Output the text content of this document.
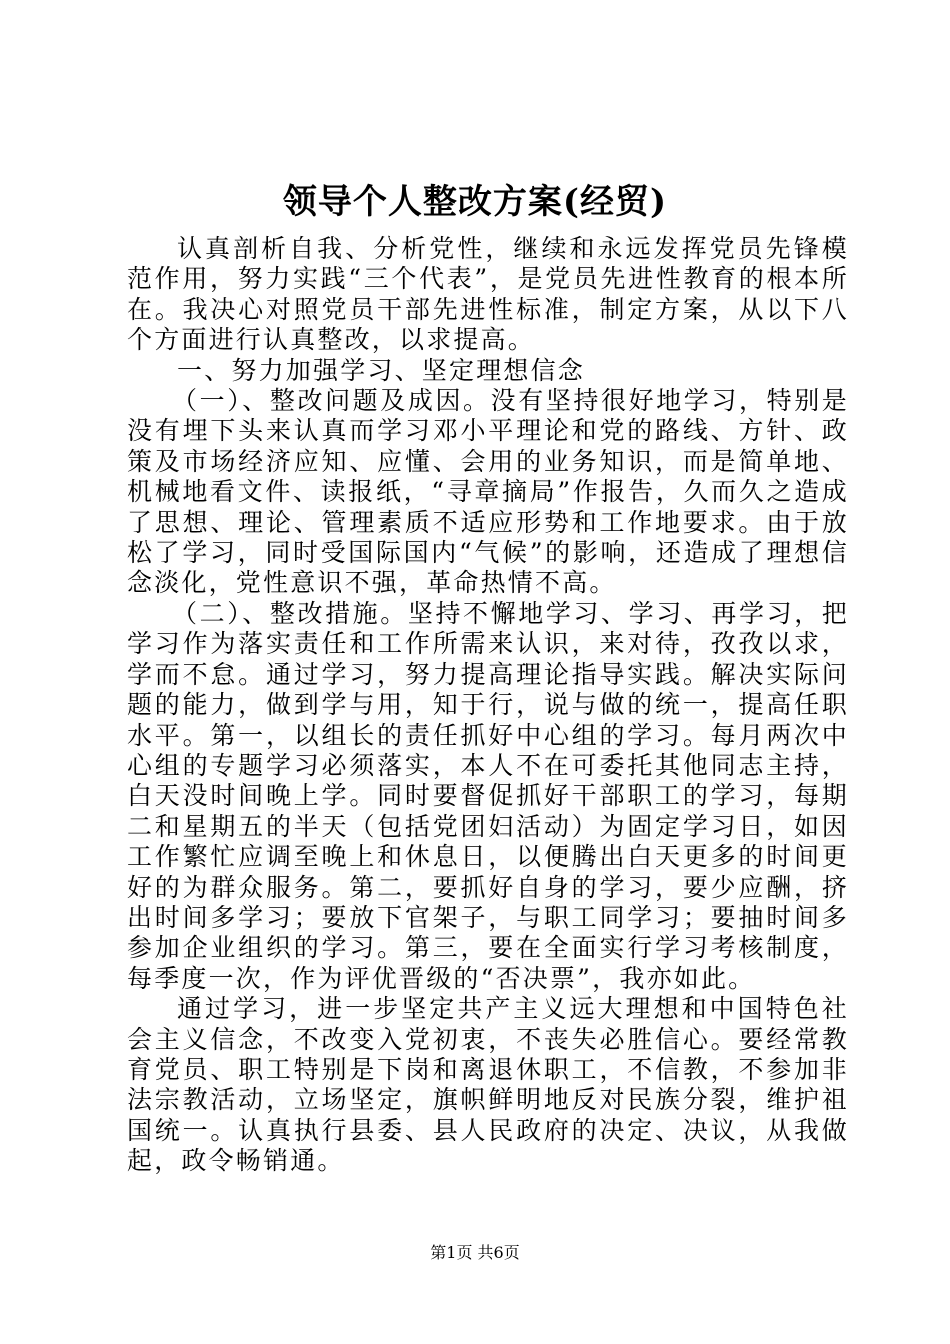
领导个人整改方案(经贸)

认真剖析自我、分析党性，继续和永远发挥党员先锋模范作用，努力实践“三个代表”，是党员先进性教育的根本所在。我决心对照党员干部先进性标准，制定方案，从以下八个方面进行认真整改，以求提高。

一、努力加强学习、坚定理想信念

（一）、整改问题及成因。没有坚持很好地学习，特别是没有埋下头来认真而学习邓小平理论和党的路线、方针、政策及市场经济应知、应懂、会用的业务知识，而是简单地、机械地看文件、读报纸，“寻章摘局”作报告，久而久之造成了思想、理论、管理素质不适应形势和工作地要求。由于放松了学习，同时受国际国内“气候”的影响，还造成了理想信念淡化，党性意识不强，革命热情不高。

（二）、整改措施。坚持不懈地学习、学习、再学习，把学习作为落实责任和工作所需来认识，来对待，孜孜以求，学而不怠。通过学习，努力提高理论指导实践。解决实际问题的能力，做到学与用，知于行，说与做的统一，提高任职水平。第一，以组长的责任抓好中心组的学习。每月两次中心组的专题学习必须落实，本人不在可委托其他同志主持，白天没时间晚上学。同时要督促抓好干部职工的学习，每期二和星期五的半天（包括党团妇活动）为固定学习日，如因工作繁忙应调至晚上和休息日，以便腾出白天更多的时间更好的为群众服务。第二，要抓好自身的学习，要少应酬，挤出时间多学习；要放下官架子，与职工同学习；要抽时间多参加企业组织的学习。第三，要在全面实行学习考核制度，每季度一次，作为评优晋级的“否决票”，我亦如此。

通过学习，进一步坚定共产主义远大理想和中国特色社会主义信念，不改变入党初衷，不丧失必胜信心。要经常教育党员、职工特别是下岗和离退休职工，不信教，不参加非法宗教活动，立场坚定，旗帜鲜明地反对民族分裂，维护祖国统一。认真执行县委、县人民政府的决定、决议，从我做起，政令畅销通。

第1页 共6页
